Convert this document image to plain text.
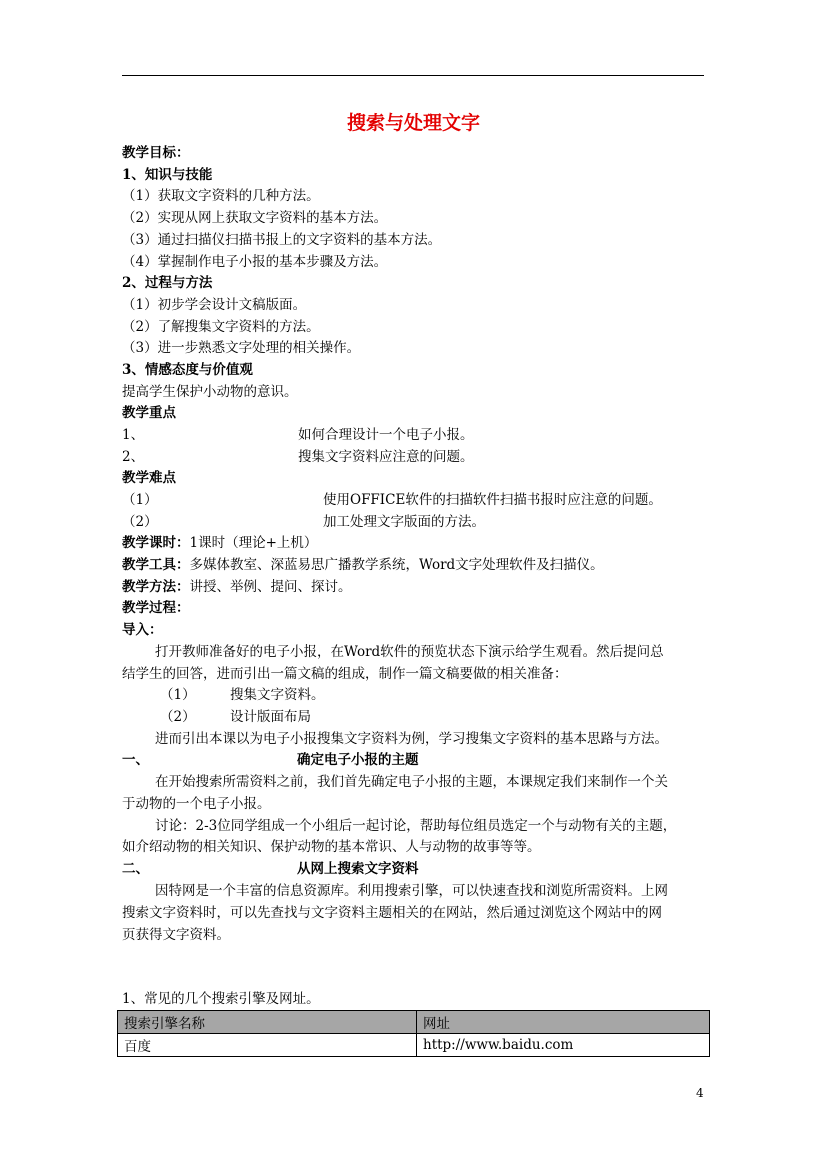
搜索与处理文字
教学目标：
1、知识与技能
（1）获取文字资料的几种方法。
（2）实现从网上获取文字资料的基本方法。
（3）通过扫描仪扫描书报上的文字资料的基本方法。
（4）掌握制作电子小报的基本步骤及方法。
2、过程与方法
（1）初步学会设计文稿版面。
（2）了解搜集文字资料的方法。
（3）进一步熟悉文字处理的相关操作。
3、情感态度与价值观
提高学生保护小动物的意识。
教学重点
1、	如何合理设计一个电子小报。
2、	搜集文字资料应注意的问题。
教学难点
（1）	使用OFFICE软件的扫描软件扫描书报时应注意的问题。
（2）	加工处理文字版面的方法。
教学课时：1课时（理论+上机）
教学工具：多媒体教室、深蓝易思广播教学系统，Word文字处理软件及扫描仪。
教学方法：讲授、举例、提问、探讨。
教学过程：
导入：
打开教师准备好的电子小报，在Word软件的预览状态下演示给学生观看。然后提问总
结学生的回答，进而引出一篇文稿的组成，制作一篇文稿要做的相关准备：
（1）	搜集文字资料。
（2）	设计版面布局
进而引出本课以为电子小报搜集文字资料为例，学习搜集文字资料的基本思路与方法。
一、	确定电子小报的主题
在开始搜索所需资料之前，我们首先确定电子小报的主题，本课规定我们来制作一个关
于动物的一个电子小报。
讨论：2-3位同学组成一个小组后一起讨论，帮助每位组员选定一个与动物有关的主题，
如介绍动物的相关知识、保护动物的基本常识、人与动物的故事等等。
二、	从网上搜索文字资料
因特网是一个丰富的信息资源库。利用搜索引擎，可以快速查找和浏览所需资料。上网
搜索文字资料时，可以先查找与文字资料主题相关的在网站，然后通过浏览这个网站中的网
页获得文字资料。
1、常见的几个搜索引擎及网址。
搜索引擎名称	网址
百度	http://www.baidu.com
4
